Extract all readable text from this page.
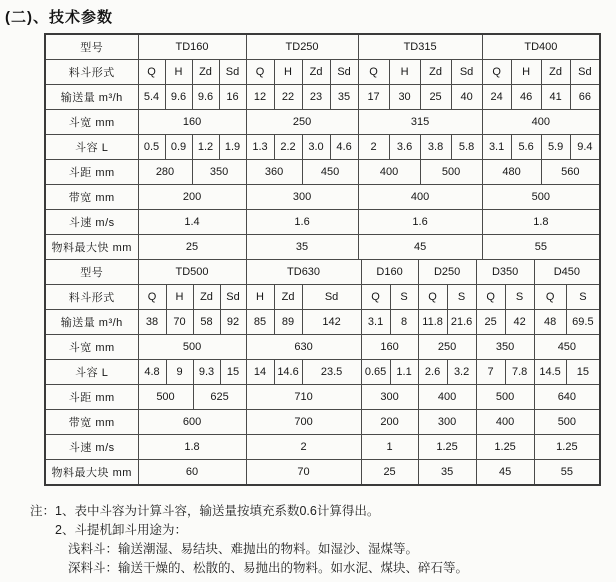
(二)、技术参数
型号	TD160				TD250				TD315				TD400			
料斗形式	Q	H	Zd	Sd	Q	H	Zd	Sd	Q	H	Zd	Sd	Q	H	Zd	Sd
输送量 m³/h	5.4	9.6	9.6	16	12	22	23	35	17	30	25	40	24	46	41	66
斗宽 mm	160				250				315				400			
斗容 L	0.5	0.9	1.2	1.9	1.3	2.2	3.0	4.6	2	3.6	3.8	5.8	3.1	5.6	5.9	9.4
斗距 mm	280		350		360		450		400		500		480		560	
带宽 mm	200				300				400				500			
斗速 m/s	1.4				1.6				1.6				1.8			
物料最大快 mm	25				35				45				55			
型号	TD500				TD630			D160		D250		D350		D450	
料斗形式	Q	H	Zd	Sd	H	Zd	Sd	Q	S	Q	S	Q	S	Q	S
输送量 m³/h	38	70	58	92	85	89	142	3.1	8	11.8	21.6	25	42	48	69.5
斗宽 mm	500				630			160		250		350		450	
斗容 L	4.8	9	9.3	15	14	14.6	23.5	0.65	1.1	2.6	3.2	7	7.8	14.5	15
斗距 mm	500		625		710			300		400		500		640	
带宽 mm	600				700			200		300		400		500	
斗速 m/s	1.8				2			1		1.25		1.25		1.25	
物料最大块 mm	60				70			25		35		45		55	
注： 1、表中斗容为计算斗容，输送量按填充系数0.6计算得出。
2、斗提机卸斗用途为：
浅料斗：输送潮湿、易结块、难抛出的物料。如湿沙、湿煤等。
深料斗：输送干燥的、松散的、易抛出的物料。如水泥、煤块、碎石等。
